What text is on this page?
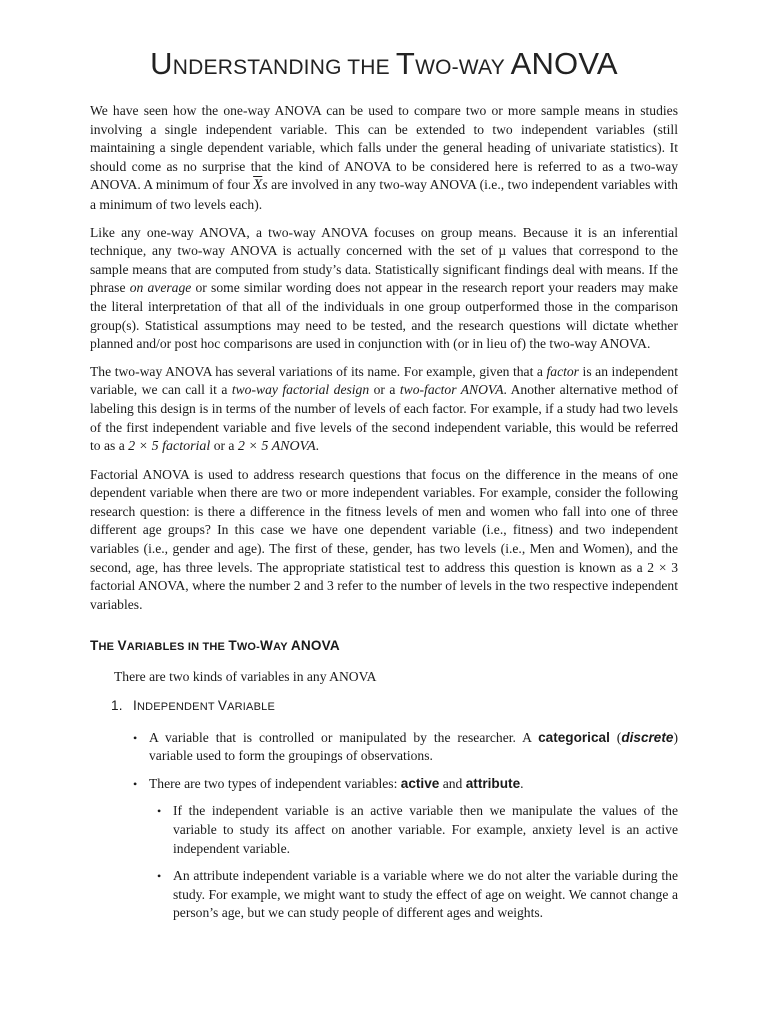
UNDERSTANDING THE TWO-WAY ANOVA

We have seen how the one-way ANOVA can be used to compare two or more sample means in studies involving a single independent variable. This can be extended to two independent variables (still maintaining a single dependent variable, which falls under the general heading of univariate statistics). It should come as no surprise that the kind of ANOVA to be considered here is referred to as a two-way ANOVA. A minimum of four $\overline{X}s$ are involved in any two-way ANOVA (i.e., two independent variables with a minimum of two levels each).

Like any one-way ANOVA, a two-way ANOVA focuses on group means. Because it is an inferential technique, any two-way ANOVA is actually concerned with the set of µ values that correspond to the sample means that are computed from study’s data. Statistically significant findings deal with means. If the phrase on average or some similar wording does not appear in the research report your readers may make the literal interpretation of that all of the individuals in one group outperformed those in the comparison group(s). Statistical assumptions may need to be tested, and the research questions will dictate whether planned and/or post hoc comparisons are used in conjunction with (or in lieu of) the two-way ANOVA.

The two-way ANOVA has several variations of its name. For example, given that a factor is an independent variable, we can call it a two-way factorial design or a two-factor ANOVA. Another alternative method of labeling this design is in terms of the number of levels of each factor. For example, if a study had two levels of the first independent variable and five levels of the second independent variable, this would be referred to as a 2 × 5 factorial or a 2 × 5 ANOVA.

Factorial ANOVA is used to address research questions that focus on the difference in the means of one dependent variable when there are two or more independent variables. For example, consider the following research question: is there a difference in the fitness levels of men and women who fall into one of three different age groups? In this case we have one dependent variable (i.e., fitness) and two independent variables (i.e., gender and age). The first of these, gender, has two levels (i.e., Men and Women), and the second, age, has three levels. The appropriate statistical test to address this question is known as a 2 × 3 factorial ANOVA, where the number 2 and 3 refer to the number of levels in the two respective independent variables.

THE VARIABLES IN THE TWO-WAY ANOVA

There are two kinds of variables in any ANOVA

1. INDEPENDENT VARIABLE
• A variable that is controlled or manipulated by the researcher. A categorical (discrete) variable used to form the groupings of observations.
• There are two types of independent variables: active and attribute.
• If the independent variable is an active variable then we manipulate the values of the variable to study its affect on another variable. For example, anxiety level is an active independent variable.
• An attribute independent variable is a variable where we do not alter the variable during the study. For example, we might want to study the effect of age on weight. We cannot change a person’s age, but we can study people of different ages and weights.
